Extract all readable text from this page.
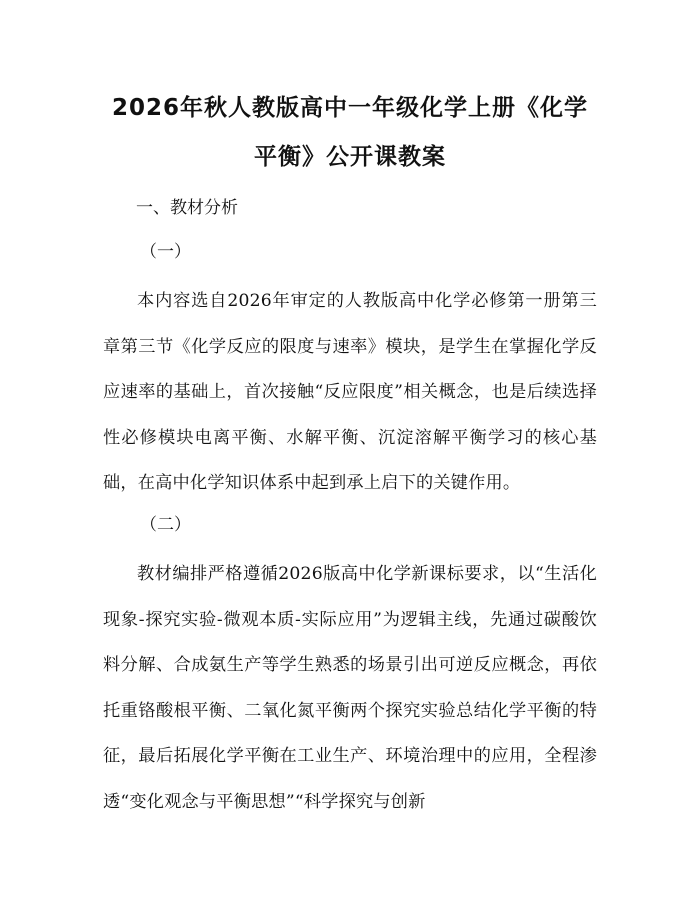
2026年秋人教版高中一年级化学上册《化学
平衡》公开课教案

一、教材分析

（一）

本内容选自2026年审定的人教版高中化学必修第一册第三章第三节《化学反应的限度与速率》模块，是学生在掌握化学反应速率的基础上，首次接触“反应限度”相关概念，也是后续选择性必修模块电离平衡、水解平衡、沉淀溶解平衡学习的核心基础，在高中化学知识体系中起到承上启下的关键作用。

（二）

教材编排严格遵循2026版高中化学新课标要求，以“生活化现象-探究实验-微观本质-实际应用”为逻辑主线，先通过碳酸饮料分解、合成氨生产等学生熟悉的场景引出可逆反应概念，再依托重铬酸根平衡、二氧化氮平衡两个探究实验总结化学平衡的特征，最后拓展化学平衡在工业生产、环境治理中的应用，全程渗透“变化观念与平衡思想”“科学探究与创新
